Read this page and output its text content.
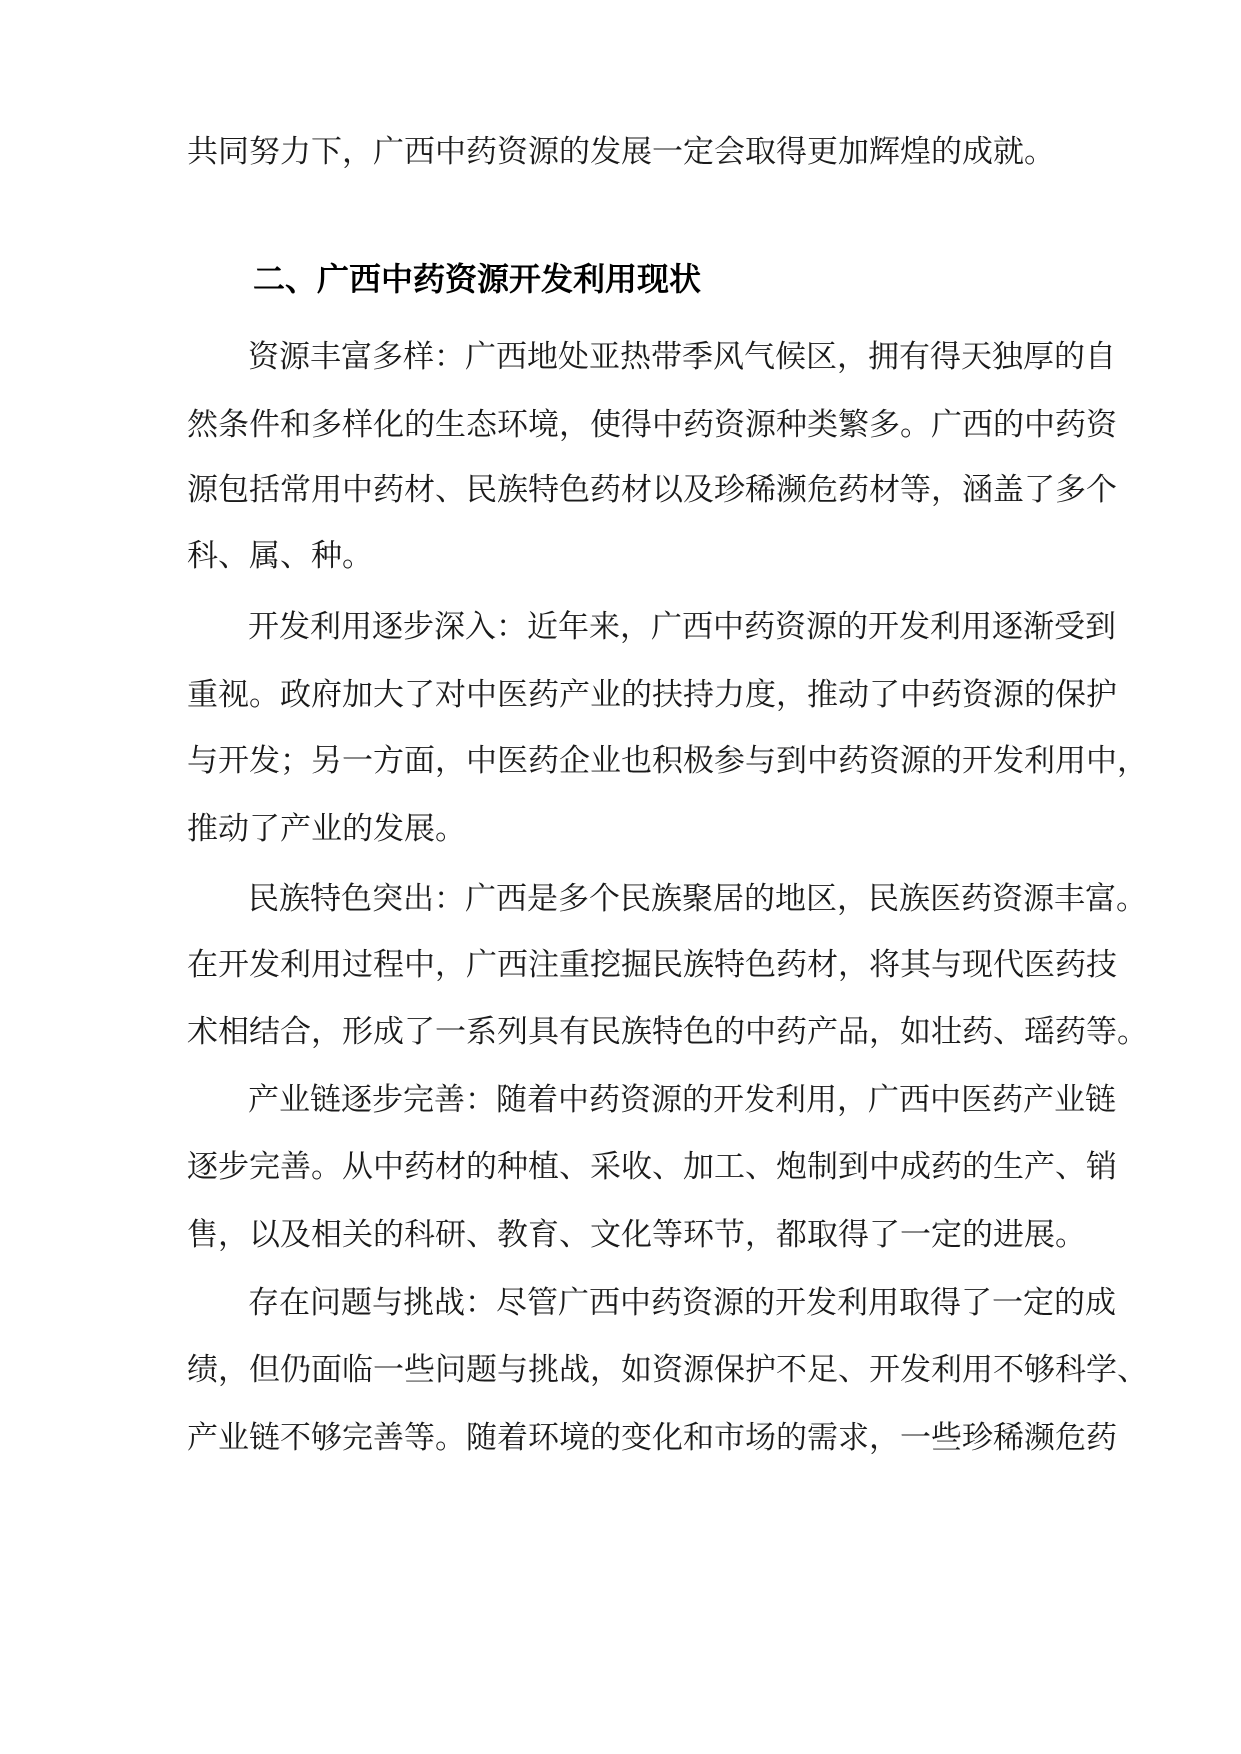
共同努力下，广西中药资源的发展一定会取得更加辉煌的成就。
二、广西中药资源开发利用现状
资源丰富多样：广西地处亚热带季风气候区，拥有得天独厚的自
然条件和多样化的生态环境，使得中药资源种类繁多。广西的中药资
源包括常用中药材、民族特色药材以及珍稀濒危药材等，涵盖了多个
科、属、种。
开发利用逐步深入：近年来，广西中药资源的开发利用逐渐受到
重视。政府加大了对中医药产业的扶持力度，推动了中药资源的保护
与开发；另一方面，中医药企业也积极参与到中药资源的开发利用中，
推动了产业的发展。
民族特色突出：广西是多个民族聚居的地区，民族医药资源丰富。
在开发利用过程中，广西注重挖掘民族特色药材，将其与现代医药技
术相结合，形成了一系列具有民族特色的中药产品，如壮药、瑶药等。
产业链逐步完善：随着中药资源的开发利用，广西中医药产业链
逐步完善。从中药材的种植、采收、加工、炮制到中成药的生产、销
售，以及相关的科研、教育、文化等环节，都取得了一定的进展。
存在问题与挑战：尽管广西中药资源的开发利用取得了一定的成
绩，但仍面临一些问题与挑战，如资源保护不足、开发利用不够科学、
产业链不够完善等。随着环境的变化和市场的需求，一些珍稀濒危药
